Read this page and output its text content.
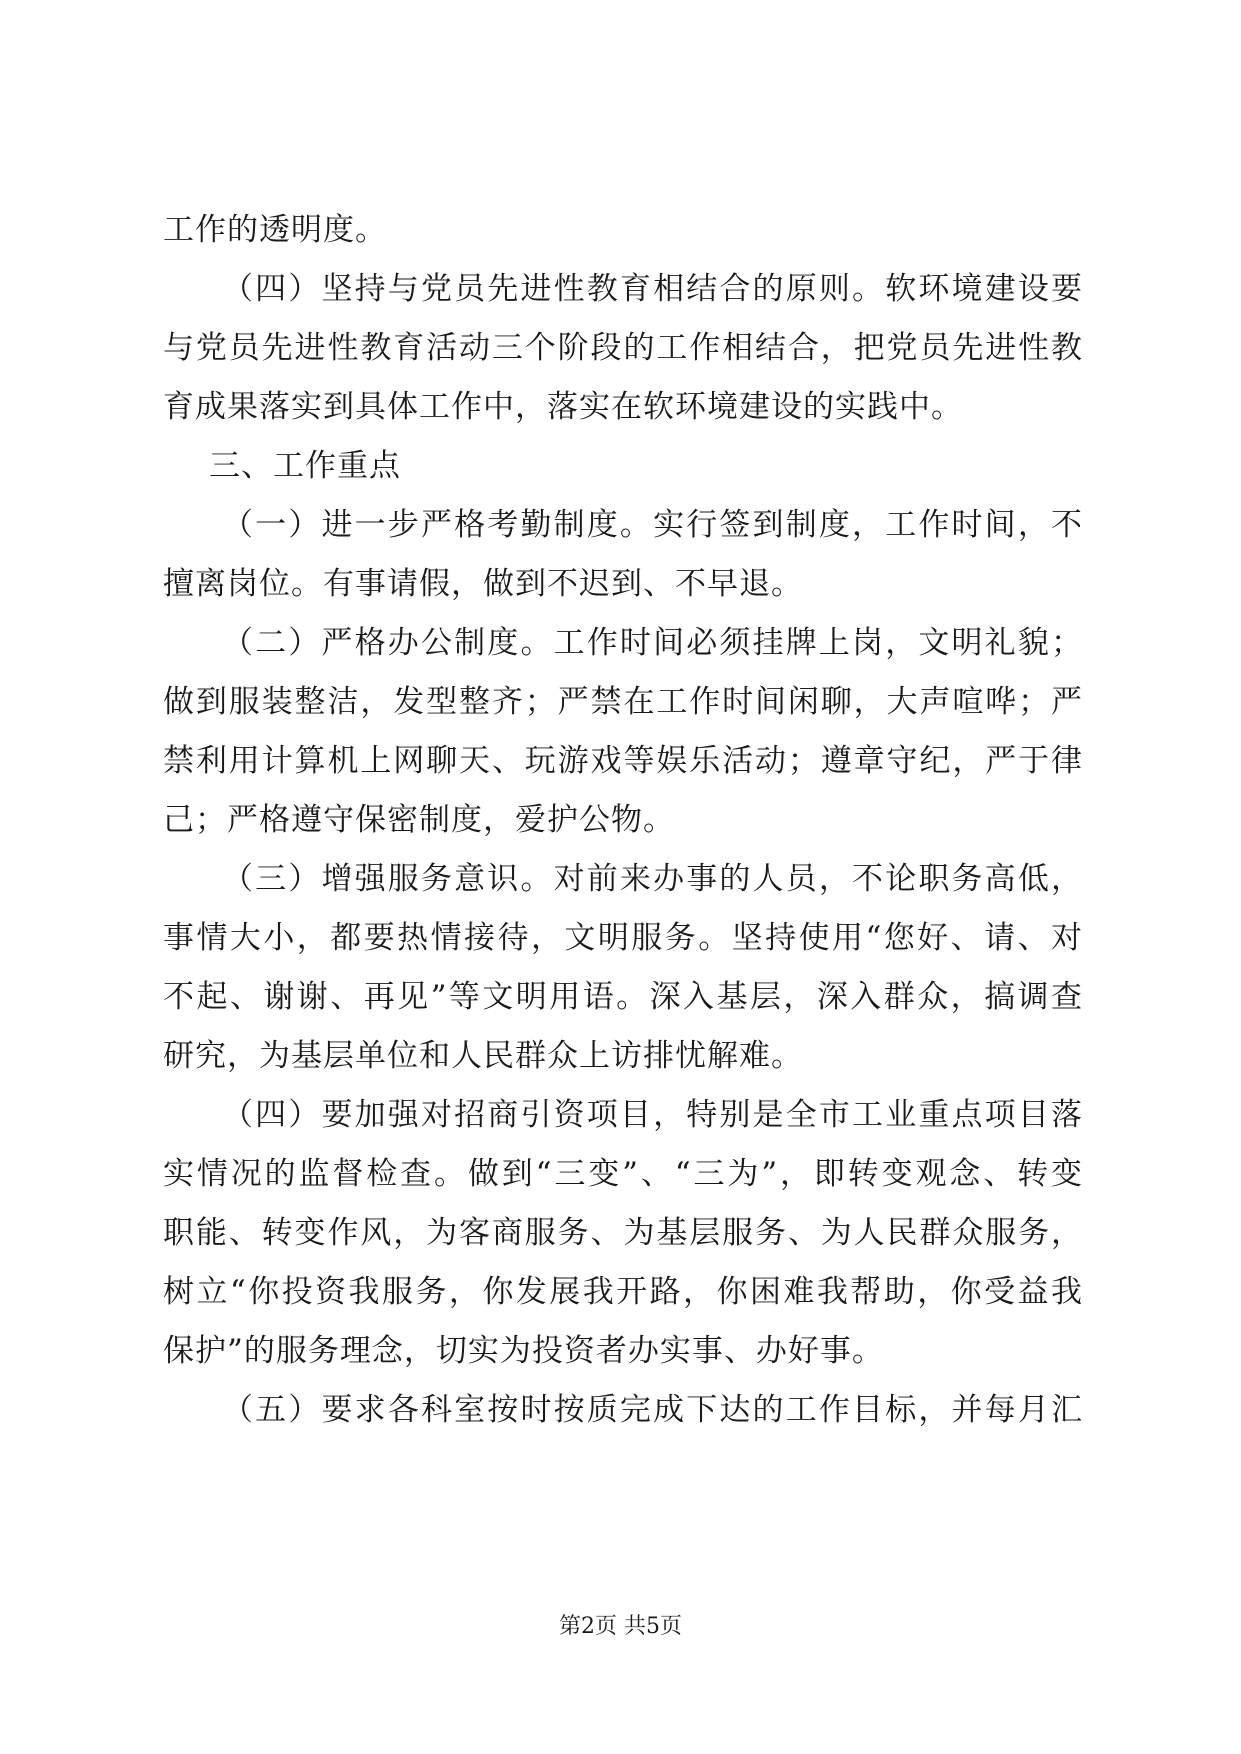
工作的透明度。
（四）坚持与党员先进性教育相结合的原则。软环境建设要
与党员先进性教育活动三个阶段的工作相结合，把党员先进性教
育成果落实到具体工作中，落实在软环境建设的实践中。
三、工作重点
（一）进一步严格考勤制度。实行签到制度，工作时间，不
擅离岗位。有事请假，做到不迟到、不早退。
（二）严格办公制度。工作时间必须挂牌上岗，文明礼貌；
做到服装整洁，发型整齐；严禁在工作时间闲聊，大声喧哗；严
禁利用计算机上网聊天、玩游戏等娱乐活动；遵章守纪，严于律
己；严格遵守保密制度，爱护公物。
（三）增强服务意识。对前来办事的人员，不论职务高低，
事情大小，都要热情接待，文明服务。坚持使用“您好、请、对
不起、谢谢、再见”等文明用语。深入基层，深入群众，搞调查
研究，为基层单位和人民群众上访排忧解难。
（四）要加强对招商引资项目，特别是全市工业重点项目落
实情况的监督检查。做到“三变”、“三为”，即转变观念、转变
职能、转变作风，为客商服务、为基层服务、为人民群众服务，
树立“你投资我服务，你发展我开路，你困难我帮助，你受益我
保护”的服务理念，切实为投资者办实事、办好事。
（五）要求各科室按时按质完成下达的工作目标，并每月汇
第2页 共5页
